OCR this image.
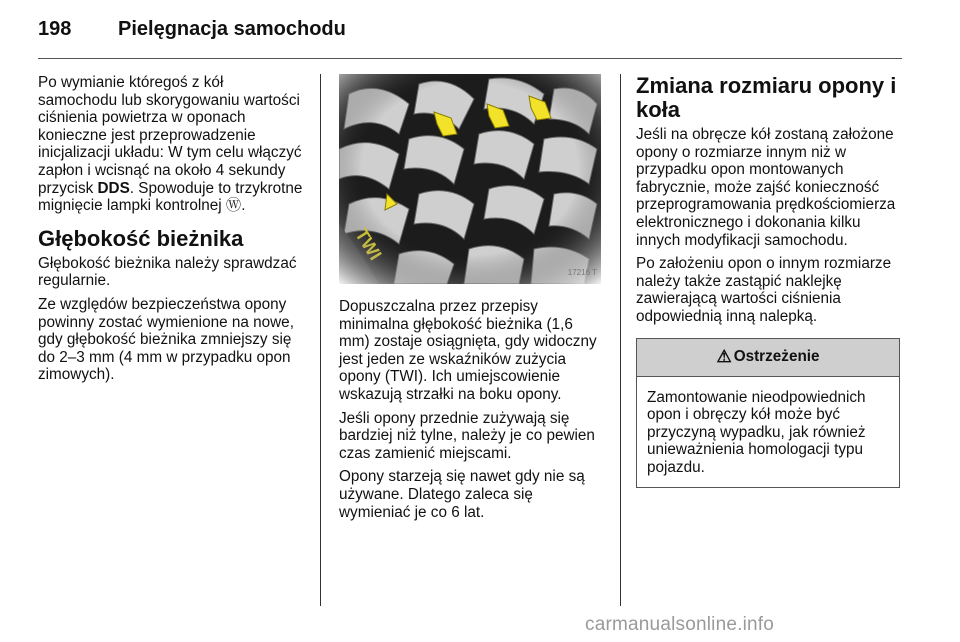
198	Pielęgnacja samochodu

Po wymianie któregoś z kół samochodu lub skorygowaniu wartości ciśnienia powietrza w oponach konieczne jest przeprowadzenie inicjalizacji układu: W tym celu włączyć zapłon i wcisnąć na około 4 sekundy przycisk DDS. Spowoduje to trzykrotne mignięcie lampki kontrolnej Ⓦ.

Głębokość bieżnika

Głębokość bieżnika należy sprawdzać regularnie.

Ze względów bezpieczeństwa opony powinny zostać wymienione na nowe, gdy głębokość bieżnika zmniejszy się do 2–3 mm (4 mm w przypadku opon zimowych).

17216 T

Dopuszczalna przez przepisy minimalna głębokość bieżnika (1,6 mm) zostaje osiągnięta, gdy widoczny jest jeden ze wskaźników zużycia opony (TWI). Ich umiejscowienie wskazują strzałki na boku opony.

Jeśli opony przednie zużywają się bardziej niż tylne, należy je co pewien czas zamienić miejscami.

Opony starzeją się nawet gdy nie są używane. Dlatego zaleca się wymieniać je co 6 lat.

Zmiana rozmiaru opony i koła

Jeśli na obręcze kół zostaną założone opony o rozmiarze innym niż w przypadku opon montowanych fabrycznie, może zajść konieczność przeprogramowania prędkościomierza elektronicznego i dokonania kilku innych modyfikacji samochodu.

Po założeniu opon o innym rozmiarze należy także zastąpić naklejkę zawierającą wartości ciśnienia odpowiednią inną nalepką.

⚠ Ostrzeżenie
Zamontowanie nieodpowiednich opon i obręczy kół może być przyczyną wypadku, jak również unieważnienia homologacji typu pojazdu.
carmanualsonline.info
